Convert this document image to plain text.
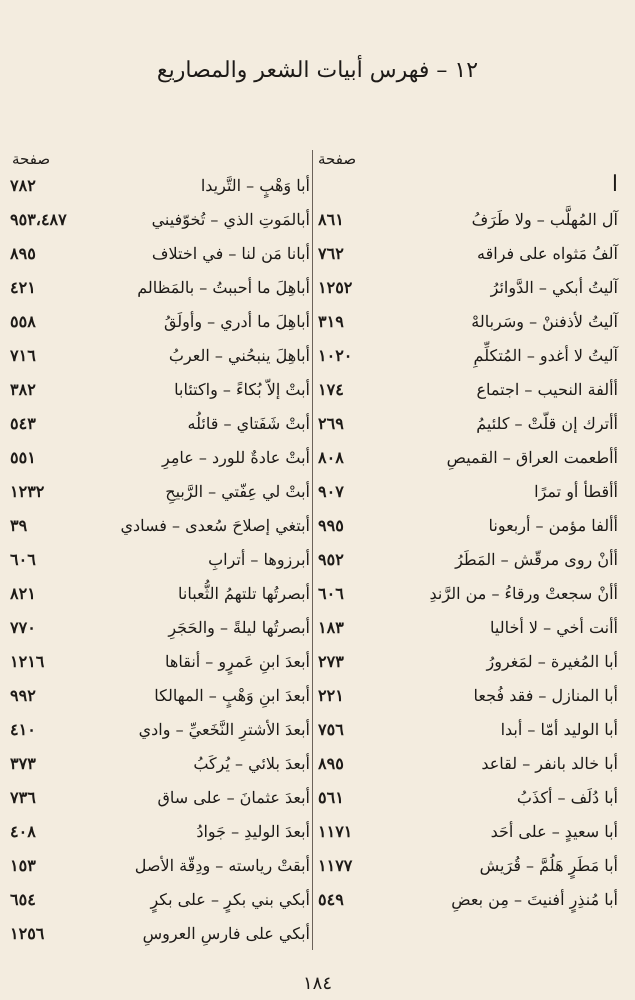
١٢ – فهرس أبيات الشعر والمصاريع
صفحة
صفحة
ا
آل المُهلَّب – ولا طَرَفُ
٨٦١
آلفُ مَثواه على فراقه
٧٦٢
آليتُ أبكي – الدَّوائرُ
١٢٥٢
آليتُ لأذفننْ – وسَربالهْ
٣١٩
آليتُ لا أغدو – المُتكلِّمِ
١٠٢٠
أألفة النحيب – اجتماع
١٧٤
أأترك إن قلّتْ – كلئيمُ
٢٦٩
أأطعمت العراق – القميصِ
٨٠٨
أأقطأ أو تمرًا
٩٠٧
أألفا مؤمن – أربعونا
٩٩٥
أأنْ روى مرقّش – المَطَرُ
٩٥٢
أأنْ سجعتْ ورقاءُ – من الرَّندِ
٦٠٦
أأنت أخي – لا أخاليا
١٨٣
أبا المُغيرة – لمَغرورُ
٢٧٣
أبا المنازل – فقد فُجعا
٢٢١
أبا الوليد أمّا – أبدا
٧٥٦
أبا خالد بانفر – لقاعد
٨٩٥
أبا دُلَف – أكذَبُ
٥٦١
أبا سعيدٍ – على أحَد
١١٧١
أبا مَطَرٍ هَلُمَّ – قُرَيش
١١٧٧
أبا مُنذِرٍ أفنيتَ – مِن بعضِ
٥٤٩
أبا وَهْبٍ – التَّريدا
٧٨٢
أبالمَوتِ الذي – تُخوّفيني
٩٥٣،٤٨٧
أبانا مَن لنا – في اختلاف
٨٩٥
أباهِلَ ما أحببتُ – بالمَظالم
٤٢١
أباهِلَ ما أدري – وأولَقُ
٥٥٨
أباهِلَ ينبحُني – العربُ
٧١٦
أبتْ إلاّ بُكاءً – واكتئابا
٣٨٢
أبتْ شَفَتاي – قائلُه
٥٤٣
أبتْ عادةٌ للورد – عامِرِ
٥٥١
أبتْ لي عِفّتي – الرَّبيحِ
١٢٣٢
أبتغي إصلاحَ سُعدى – فسادي
٣٩
أبرزوها – أترابِ
٦٠٦
أبصرتُها تلتهمُ الثُّعبانا
٨٢١
أبصرتُها ليلةً – والحَجَرِ
٧٧٠
أبعدَ ابنِ عَمرٍو – أنقاها
١٢١٦
أبعدَ ابنِ وَهْبٍ – المهالكا
٩٩٢
أبعدَ الأشترِ النَّخَعيِّ – وادي
٤١٠
أبعدَ بلائي – يُركَبُ
٣٧٣
أبعدَ عثمانَ – على ساق
٧٣٦
أبعدَ الوليدِ – جَوادُ
٤٠٨
أبقتْ رياسته – ودِقّة الأصل
١٥٣
أبكي بني بكرٍ – على بكرٍ
٦٥٤
أبكي على فارسِ العروسِ
١٢٥٦
١٨٤
